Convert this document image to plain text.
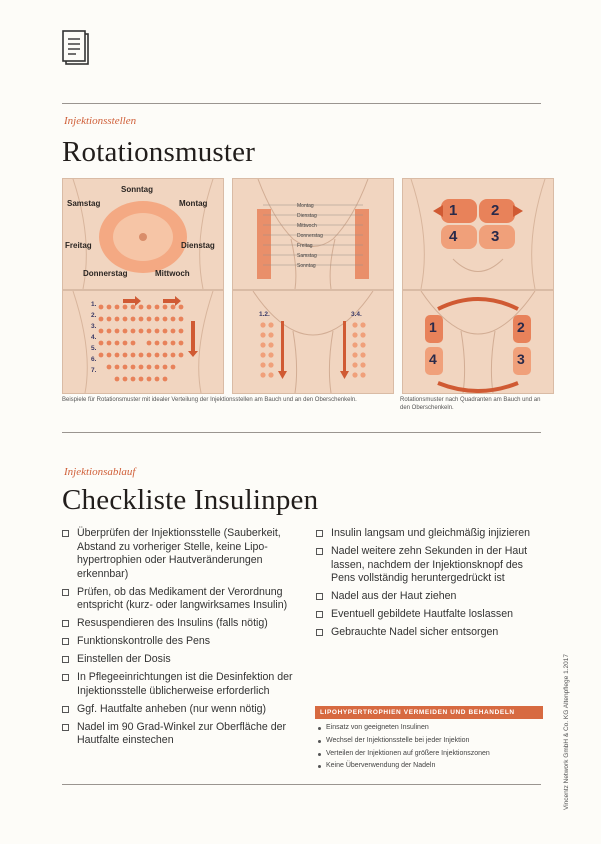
Injektionsstellen
Rotationsmuster
Sonntag
Samstag	Montag
Freitag	Dienstag
Donnerstag	Mittwoch
Montag
Dienstag
Mittwoch
Donnerstag
Freitag
Samstag
Sonntag
1 2
4 3
1.
2.
3.
4.
5.
6.
7.
1.2.	3.4.
1	2
4	3
Beispiele für Rotationsmuster mit idealer Verteilung der Injektionsstellen am Bauch und an den Oberschenkeln.	Rotationsmuster nach Quadranten am Bauch und an den Oberschenkeln.
Injektionsablauf
Checkliste Insulinpen
Überprüfen der Injektionsstelle (Sauberkeit, Abstand zu vorheriger Stelle, keine Lipo-hypertrophien oder Hautveränderungen erkennbar)
Prüfen, ob das Medikament der Verordnung entspricht (kurz- oder langwirksames Insulin)
Resuspendieren des Insulins (falls nötig)
Funktionskontrolle des Pens
Einstellen der Dosis
In Pflegeeinrichtungen ist die Desinfektion der Injektionsstelle üblicherweise erforderlich
Ggf. Hautfalte anheben (nur wenn nötig)
Nadel im 90 Grad-Winkel zur Oberfläche der Hautfalte einstechen
Insulin langsam und gleichmäßig injizieren
Nadel weitere zehn Sekunden in der Haut lassen, nachdem der Injektionsknopf des Pens vollständig heruntergedrückt ist
Nadel aus der Haut ziehen
Eventuell gebildete Hautfalte loslassen
Gebrauchte Nadel sicher entsorgen
LIPOHYPERTROPHIEN VERMEIDEN UND BEHANDELN
Einsatz von geeigneten Insulinen
Wechsel der Injektionsstelle bei jeder Injektion
Verteilen der Injektionen auf größere Injektionszonen
Keine Überverwendung der Nadeln	Vincentz Network GmbH & Co. KG Altenpflege 1.2017
